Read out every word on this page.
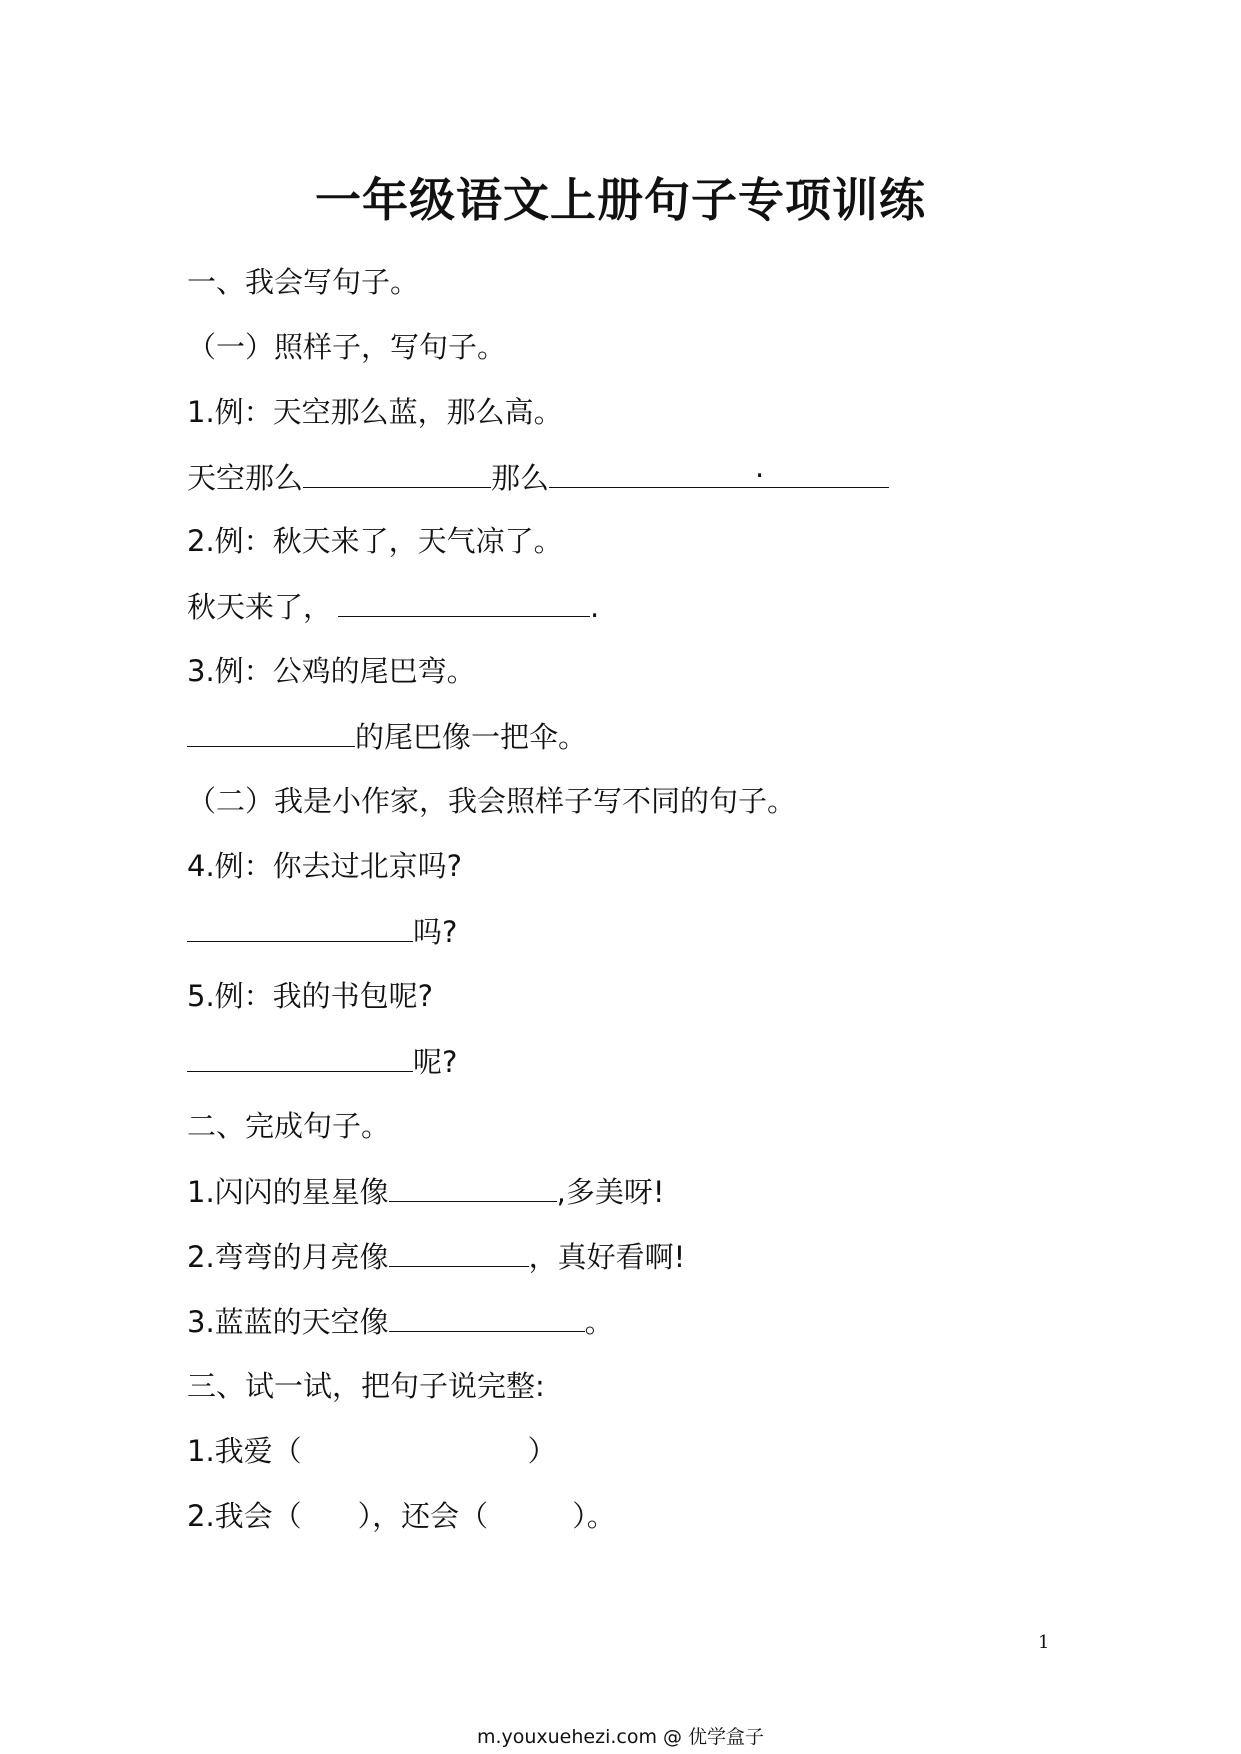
一年级语文上册句子专项训练
一、我会写句子。
（一）照样子，写句子。
1.例：天空那么蓝，那么高。
天空那么	那么	.
2.例：秋天来了，天气凉了。
秋天来了，	.
3.例：公鸡的尾巴弯。
的尾巴像一把伞。
（二）我是小作家，我会照样子写不同的句子。
4.例：你去过北京吗?
吗?
5.例：我的书包呢?
呢?
二、完成句子。
1.闪闪的星星像	,多美呀!
2.弯弯的月亮像	，真好看啊!
3.蓝蓝的天空像	。
三、试一试，把句子说完整:
1.我爱（	）
2.我会（ ），还会（	）。
1
m.youxuehezi.com @ 优学盒子
